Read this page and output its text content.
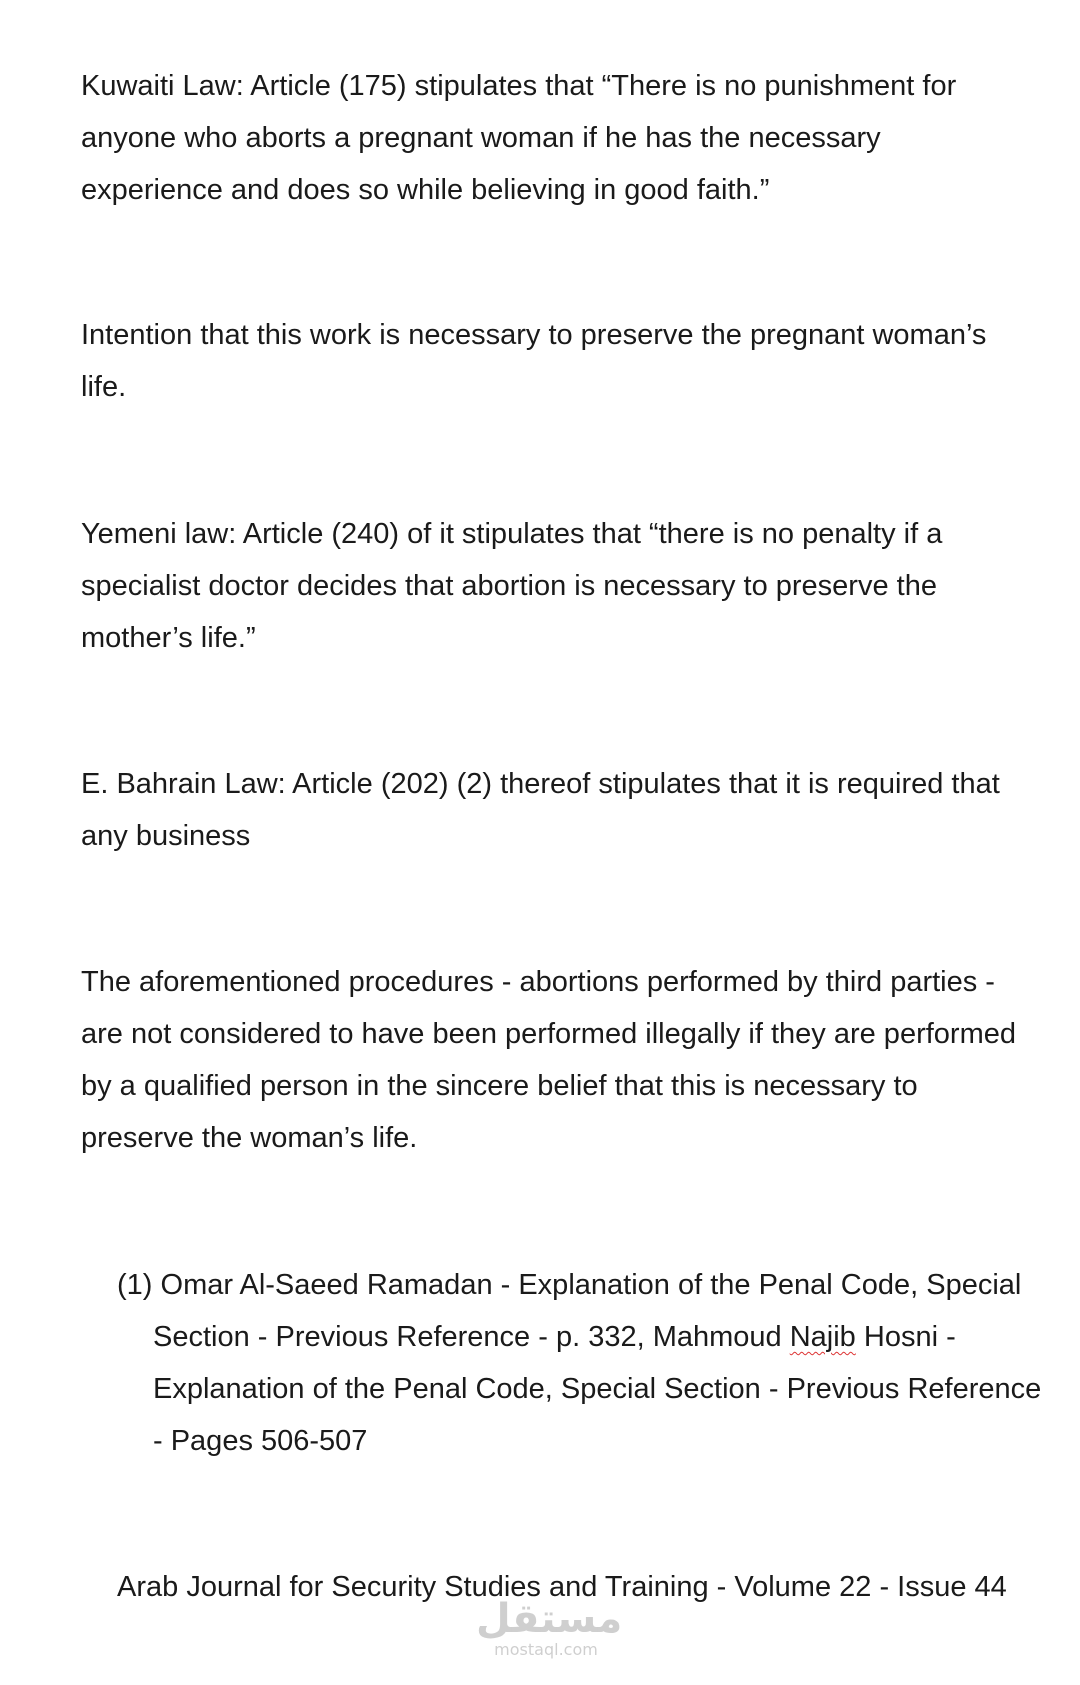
Kuwaiti Law: Article (175) stipulates that “There is no punishment for anyone who aborts a pregnant woman if he has the necessary experience and does so while believing in good faith.”

Intention that this work is necessary to preserve the pregnant woman’s life.

Yemeni law: Article (240) of it stipulates that “there is no penalty if a specialist doctor decides that abortion is necessary to preserve the mother’s life.”

E. Bahrain Law: Article (202) (2) thereof stipulates that it is required that any business

The aforementioned procedures - abortions performed by third parties - are not considered to have been performed illegally if they are performed by a qualified person in the sincere belief that this is necessary to preserve the woman’s life.

(1) Omar Al-Saeed Ramadan - Explanation of the Penal Code, Special Section - Previous Reference - p. 332, Mahmoud Najib Hosni - Explanation of the Penal Code, Special Section - Previous Reference - Pages 506-507

Arab Journal for Security Studies and Training - Volume 22 - Issue 44

مستقل
mostaql.com
